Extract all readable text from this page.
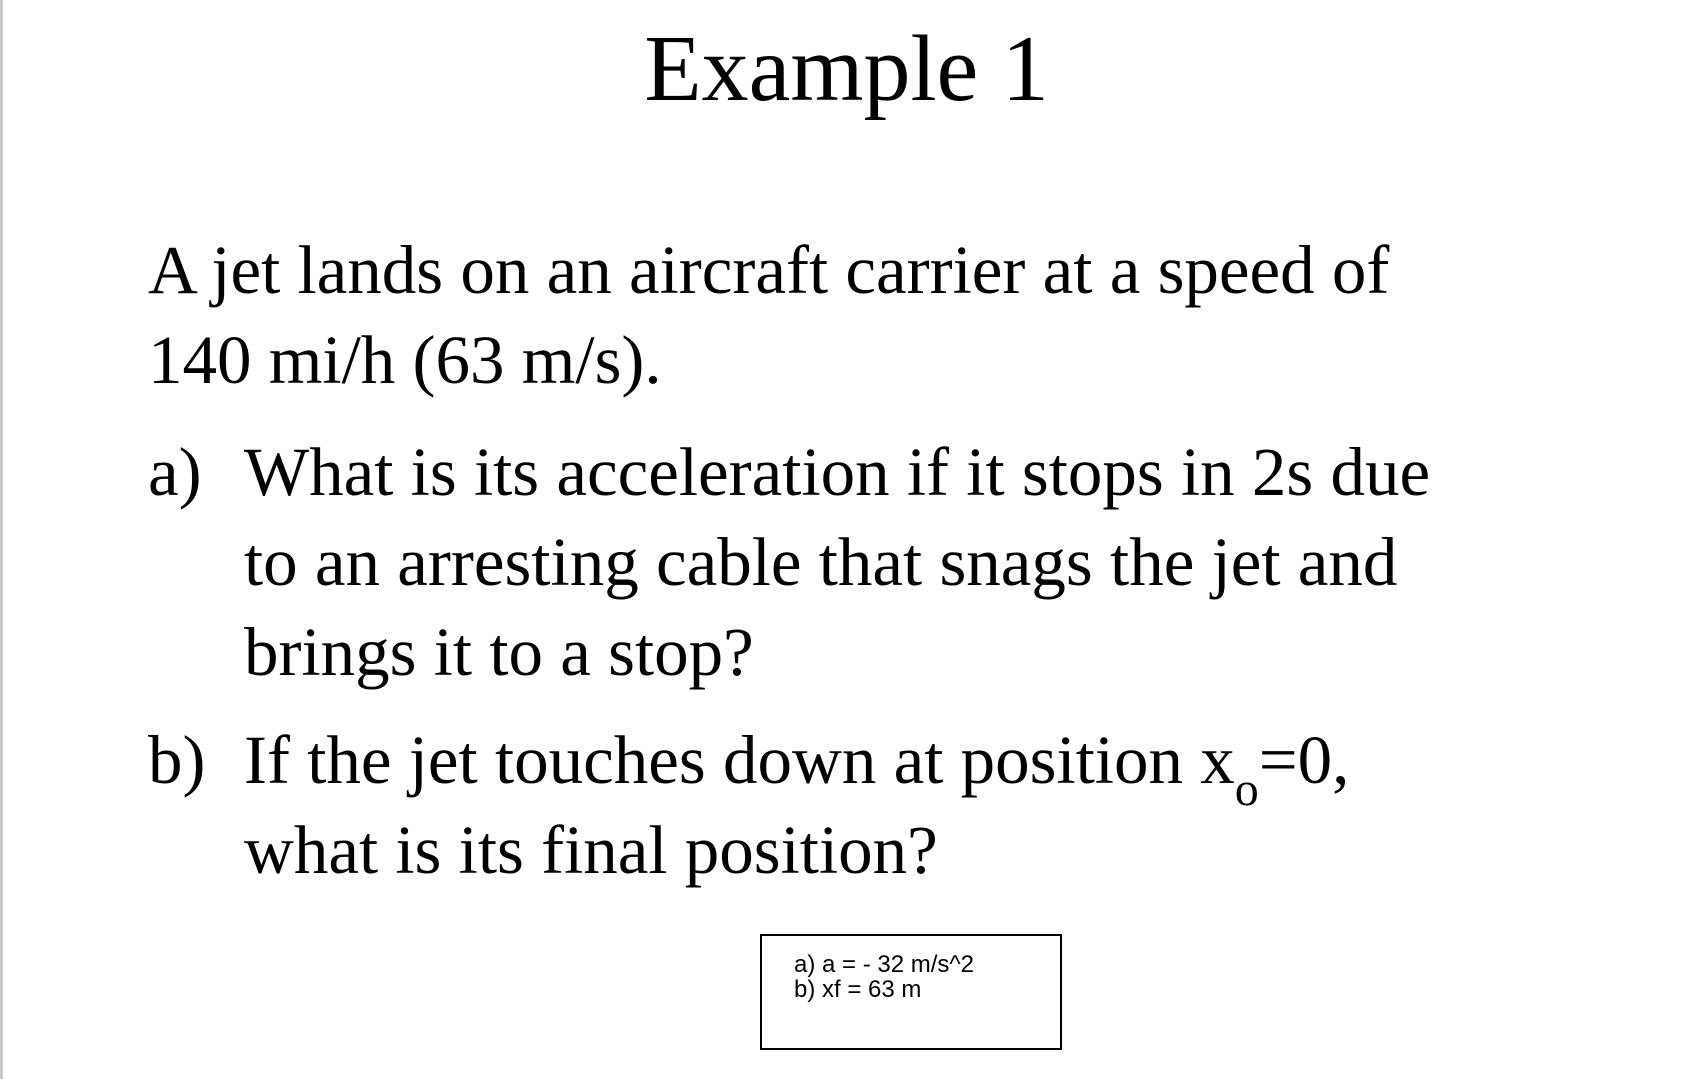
Example 1
A jet lands on an aircraft carrier at a speed of
140 mi/h (63 m/s).
a) What is its acceleration if it stops in 2s due
to an arresting cable that snags the jet and
brings it to a stop?
b) If the jet touches down at position $x_o=0$,
what is its final position?
a) a = - 32 m/s^2
b) xf = 63 m
